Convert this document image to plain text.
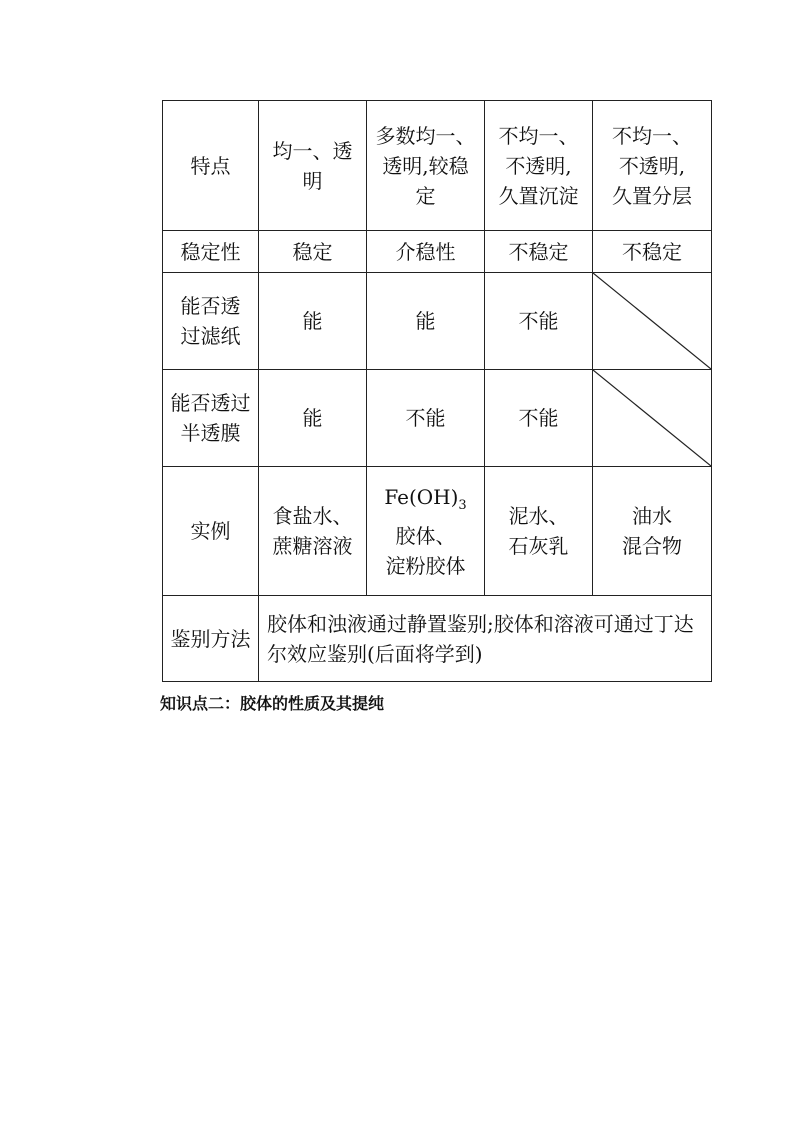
特点	均一、透明	多数均一、
透明,较稳
定	不均一、
不透明,
久置沉淀	不均一、
不透明,
久置分层
稳定性	稳定	介稳性	不稳定	不稳定
能否透
过滤纸	能	能	不能	

能否透过
半透膜	能	不能	不能	

实例	食盐水、
蔗糖溶液	$Fe(OH)_3$
胶体、
淀粉胶体	泥水、
石灰乳	油水
混合物
鉴别方法	胶体和浊液通过静置鉴别;胶体和溶液可通过丁达尔效应鉴别(后面将学到)			
知识点二：胶体的性质及其提纯
